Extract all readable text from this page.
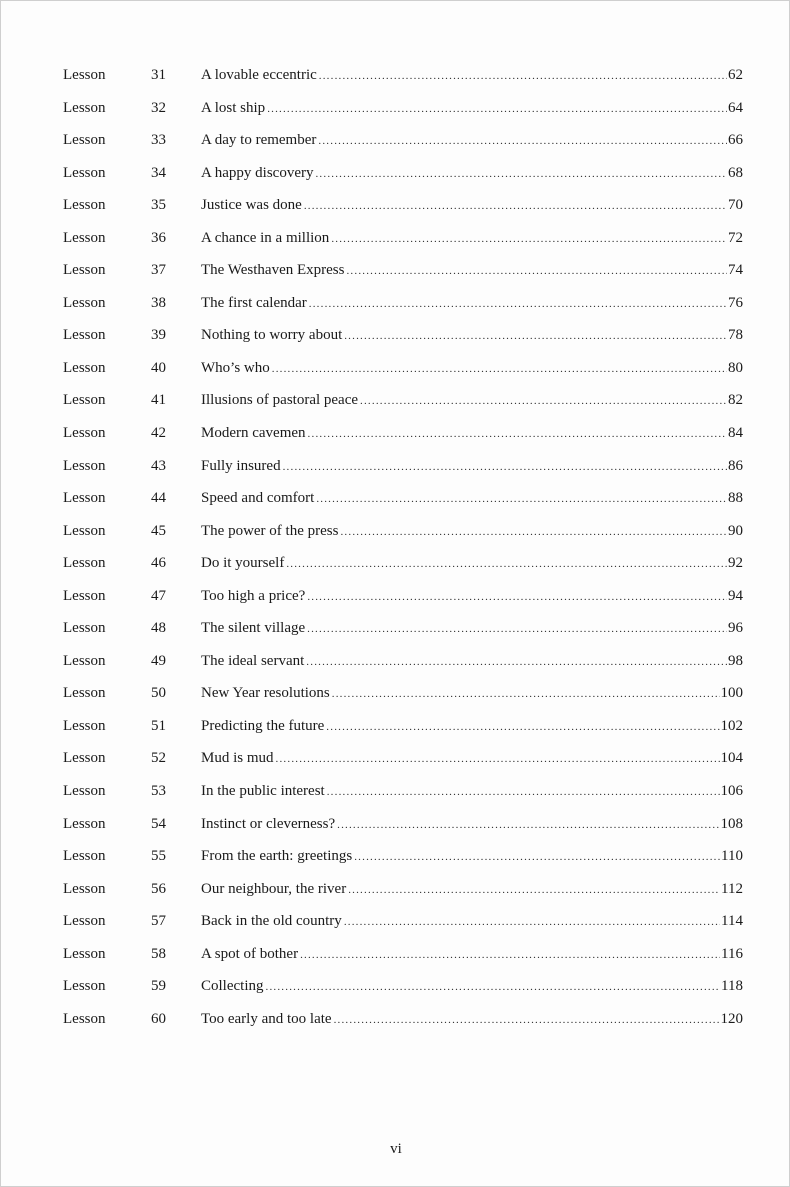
Lesson	31	A lovable eccentric .....	62
Lesson	32	A lost ship .....	64
Lesson	33	A day to remember .....	66
Lesson	34	A happy discovery .....	68
Lesson	35	Justice was done .....	70
Lesson	36	A chance in a million .....	72
Lesson	37	The Westhaven Express .....	74
Lesson	38	The first calendar .....	76
Lesson	39	Nothing to worry about .....	78
Lesson	40	Who’s who .....	80
Lesson	41	Illusions of pastoral peace .....	82
Lesson	42	Modern cavemen .....	84
Lesson	43	Fully insured .....	86
Lesson	44	Speed and comfort .....	88
Lesson	45	The power of the press .....	90
Lesson	46	Do it yourself .....	92
Lesson	47	Too high a price? .....	94
Lesson	48	The silent village .....	96
Lesson	49	The ideal servant .....	98
Lesson	50	New Year resolutions .....	100
Lesson	51	Predicting the future .....	102
Lesson	52	Mud is mud .....	104
Lesson	53	In the public interest .....	106
Lesson	54	Instinct or cleverness? .....	108
Lesson	55	From the earth: greetings .....	110
Lesson	56	Our neighbour, the river .....	112
Lesson	57	Back in the old country .....	114
Lesson	58	A spot of bother .....	116
Lesson	59	Collecting .....	118
Lesson	60	Too early and too late .....	120
vi
